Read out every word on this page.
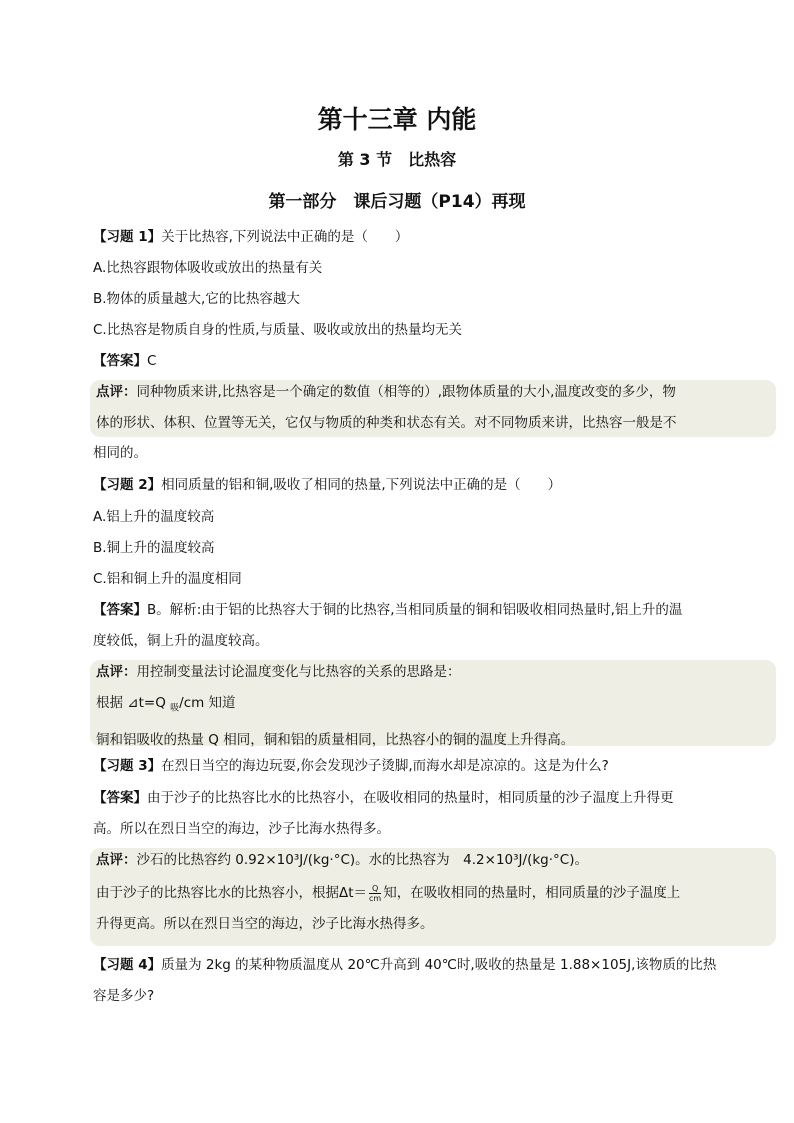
第十三章 内能
第 3 节　比热容
第一部分　课后习题（P14）再现
【习题 1】关于比热容,下列说法中正确的是（　　）
A.比热容跟物体吸收或放出的热量有关
B.物体的质量越大,它的比热容越大
C.比热容是物质自身的性质,与质量、吸收或放出的热量均无关
【答案】C
点评：同种物质来讲,比热容是一个确定的数值（相等的）,跟物体质量的大小,温度改变的多少，物
体的形状、体积、位置等无关，它仅与物质的种类和状态有关。对不同物质来讲，比热容一般是不
相同的。
【习题 2】相同质量的铝和铜,吸收了相同的热量,下列说法中正确的是（　　）
A.铝上升的温度较高
B.铜上升的温度较高
C.铝和铜上升的温度相同
【答案】B。解析:由于铝的比热容大于铜的比热容,当相同质量的铜和铝吸收相同热量时,铝上升的温
度较低，铜上升的温度较高。
点评：用控制变量法讨论温度变化与比热容的关系的思路是：
根据 ⊿t=Q $_吸$/cm 知道
铜和铝吸收的热量 Q 相同，铜和铝的质量相同，比热容小的铜的温度上升得高。
【习题 3】在烈日当空的海边玩耍,你会发现沙子烫脚,而海水却是凉凉的。这是为什么?
【答案】由于沙子的比热容比水的比热容小，在吸收相同的热量时，相同质量的沙子温度上升得更
高。所以在烈日当空的海边，沙子比海水热得多。
点评：沙石的比热容约 0.92×10³J/(kg·°C)。水的比热容为　4.2×10³J/(kg·°C)。
由于沙子的比热容比水的比热容小，根据$\Delta t= \frac{Q}{cm}$ 知，在吸收相同的热量时，相同质量的沙子温度上
升得更高。所以在烈日当空的海边，沙子比海水热得多。
【习题 4】质量为 2kg 的某种物质温度从 20℃升高到 40℃时,吸收的热量是 1.88×105J,该物质的比热
容是多少?
